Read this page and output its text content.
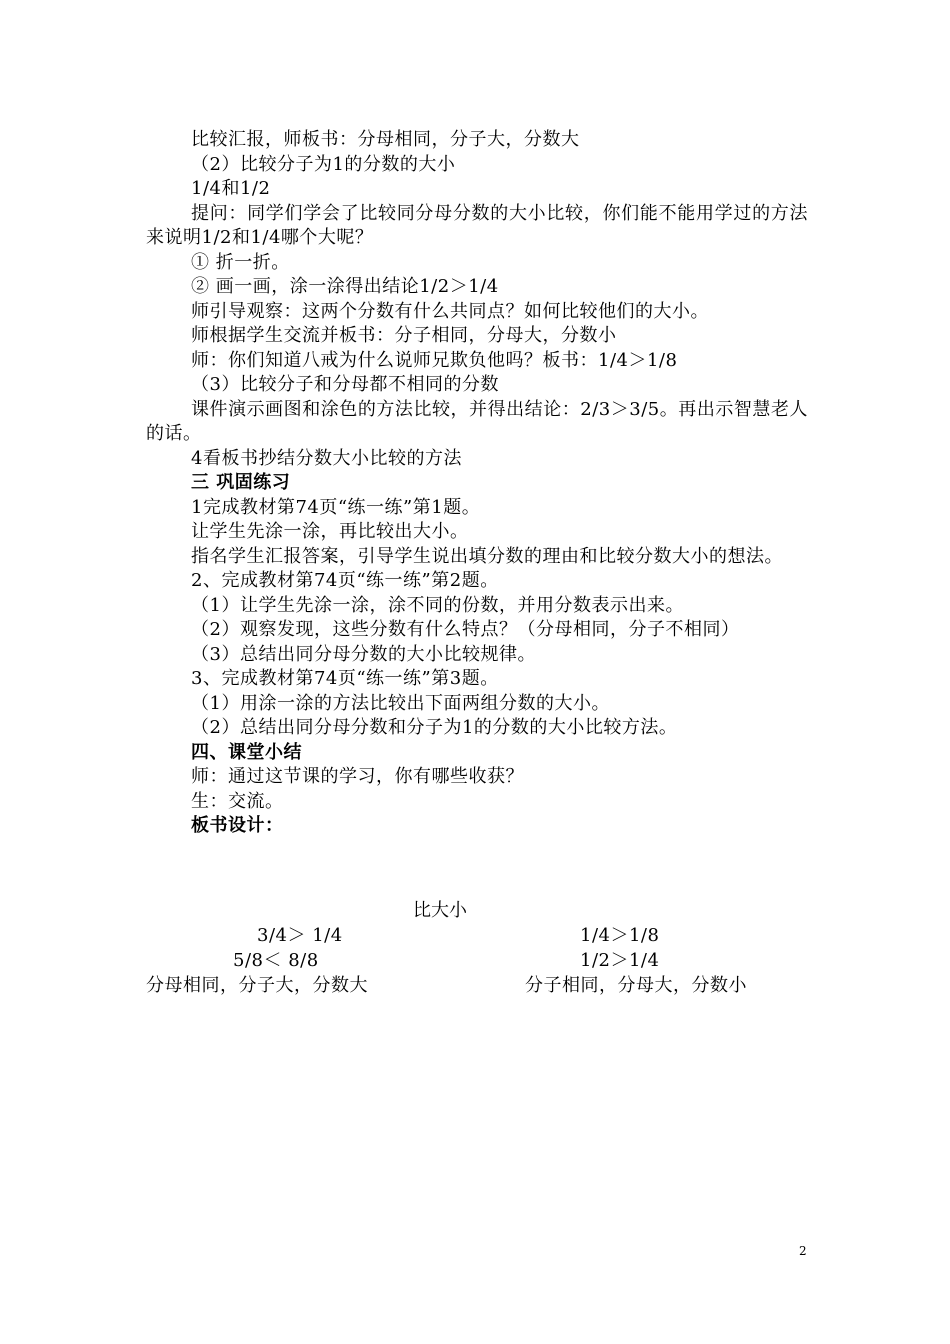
比较汇报，师板书：分母相同，分子大，分数大
（2）比较分子为1的分数的大小
1/4和1/2
提问：同学们学会了比较同分母分数的大小比较，你们能不能用学过的方法来说明1/2和1/4哪个大呢？
① 折一折。
② 画一画，涂一涂得出结论1/2＞1/4
师引导观察：这两个分数有什么共同点？如何比较他们的大小。
师根据学生交流并板书：分子相同，分母大，分数小
师：你们知道八戒为什么说师兄欺负他吗？板书：1/4＞1/8
（3）比较分子和分母都不相同的分数
课件演示画图和涂色的方法比较，并得出结论：2/3＞3/5。再出示智慧老人的话。
4看板书抄结分数大小比较的方法
三 巩固练习
1完成教材第74页“练一练”第1题。
让学生先涂一涂，再比较出大小。
指名学生汇报答案，引导学生说出填分数的理由和比较分数大小的想法。
2、完成教材第74页“练一练”第2题。
（1）让学生先涂一涂，涂不同的份数，并用分数表示出来。
（2）观察发现，这些分数有什么特点？（分母相同，分子不相同）
（3）总结出同分母分数的大小比较规律。
3、完成教材第74页“练一练”第3题。
（1）用涂一涂的方法比较出下面两组分数的大小。
（2）总结出同分母分数和分子为1的分数的大小比较方法。
四、课堂小结
师：通过这节课的学习，你有哪些收获？
生：交流。
板书设计：
比大小
3/4＞ 1/4
5/8＜ 8/8
分母相同，分子大，分数大
1/4＞1/8
1/2＞1/4
分子相同，分母大，分数小
2
